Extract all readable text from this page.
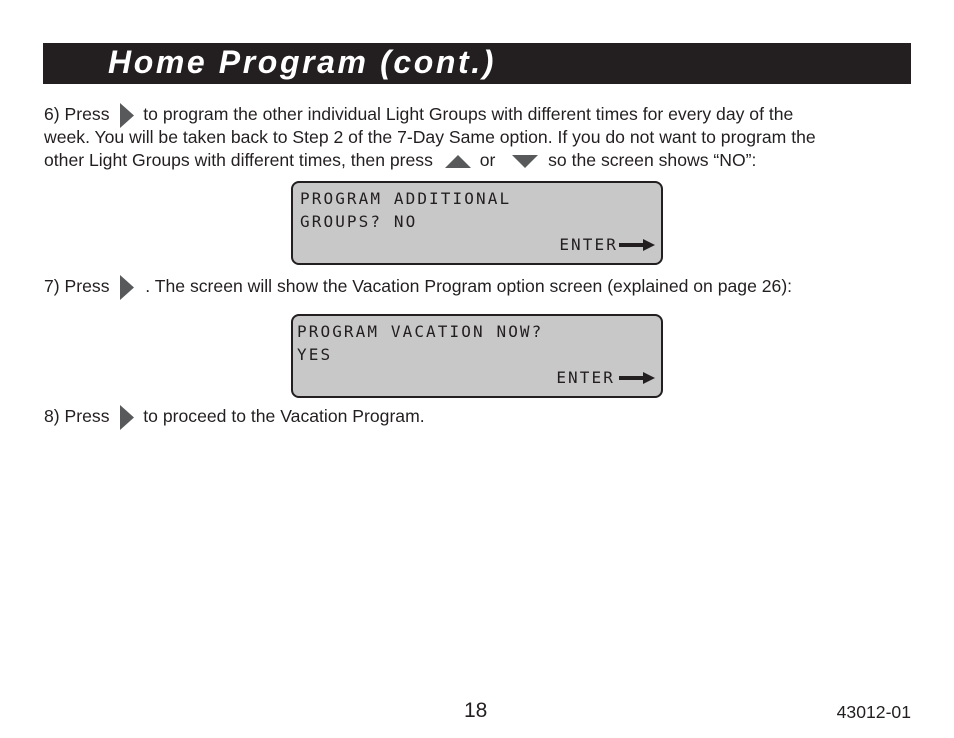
Home Program (cont.)
6) Press to program the other individual Light Groups with different times for every day of the
week. You will be taken back to Step 2 of the 7-Day Same option. If you do not want to program the
other Light Groups with different times, then press	or	so the screen shows “NO”:
PROGRAM ADDITIONAL
GROUPS? NO
ENTER
7) Press . The screen will show the Vacation Program option screen (explained on page 26):
PROGRAM VACATION NOW?
YES
ENTER
8) Press to proceed to the Vacation Program.
18	43012-01
